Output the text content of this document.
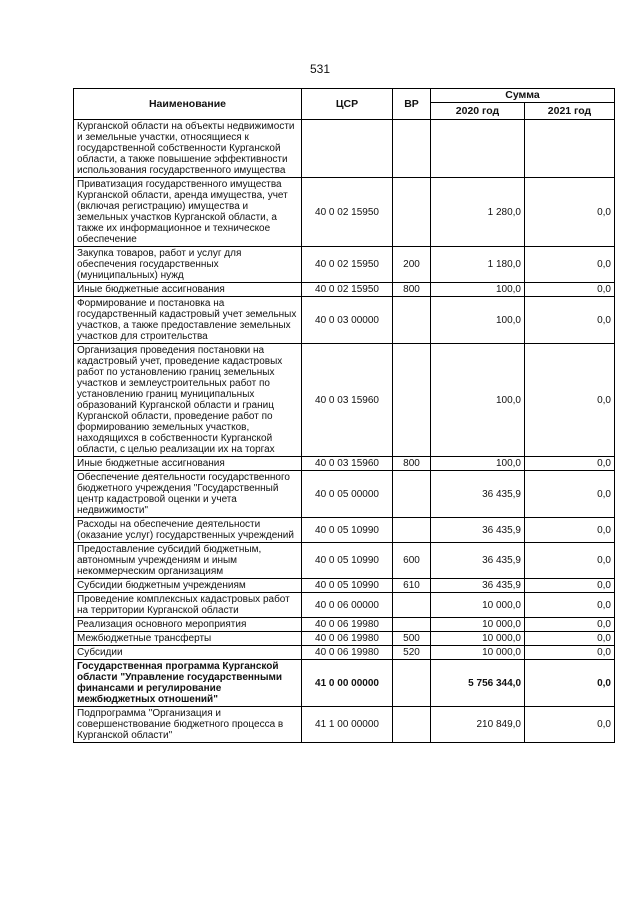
531
Наименование	ЦСР	ВР	Сумма	
			2020 год	2021 год
Курганской области на объекты недвижимости и земельные участки, относящиеся к государственной собственности Курганской области, а также повышение эффективности использования государственного имущества				
Приватизация государственного имущества Курганской области, аренда имущества, учет (включая регистрацию) имущества и земельных участков Курганской области, а также их информационное и техническое обеспечение	40 0 02 15950		1 280,0	0,0
Закупка товаров, работ и услуг для обеспечения государственных (муниципальных) нужд	40 0 02 15950	200	1 180,0	0,0
Иные бюджетные ассигнования	40 0 02 15950	800	100,0	0,0
Формирование и постановка на государственный кадастровый учет земельных участков, а также предоставление земельных участков для строительства	40 0 03 00000		100,0	0,0
Организация проведения постановки на кадастровый учет, проведение кадастровых работ по установлению границ земельных участков и землеустроительных работ по установлению границ муниципальных образований Курганской области и границ Курганской области, проведение работ по формированию земельных участков, находящихся в собственности Курганской области, с целью реализации их на торгах	40 0 03 15960		100,0	0,0
Иные бюджетные ассигнования	40 0 03 15960	800	100,0	0,0
Обеспечение деятельности государственного бюджетного учреждения "Государственный центр кадастровой оценки и учета недвижимости"	40 0 05 00000		36 435,9	0,0
Расходы на обеспечение деятельности (оказание услуг) государственных учреждений	40 0 05 10990		36 435,9	0,0
Предоставление субсидий бюджетным, автономным учреждениям и иным некоммерческим организациям	40 0 05 10990	600	36 435,9	0,0
Субсидии бюджетным учреждениям	40 0 05 10990	610	36 435,9	0,0
Проведение комплексных кадастровых работ на территории Курганской области	40 0 06 00000		10 000,0	0,0
Реализация основного мероприятия	40 0 06 19980		10 000,0	0,0
Межбюджетные трансферты	40 0 06 19980	500	10 000,0	0,0
Субсидии	40 0 06 19980	520	10 000,0	0,0
Государственная программа Курганской области "Управление государственными финансами и регулирование межбюджетных отношений"	41 0 00 00000		5 756 344,0	0,0
Подпрограмма "Организация и совершенствование бюджетного процесса в Курганской области"	41 1 00 00000		210 849,0	0,0
